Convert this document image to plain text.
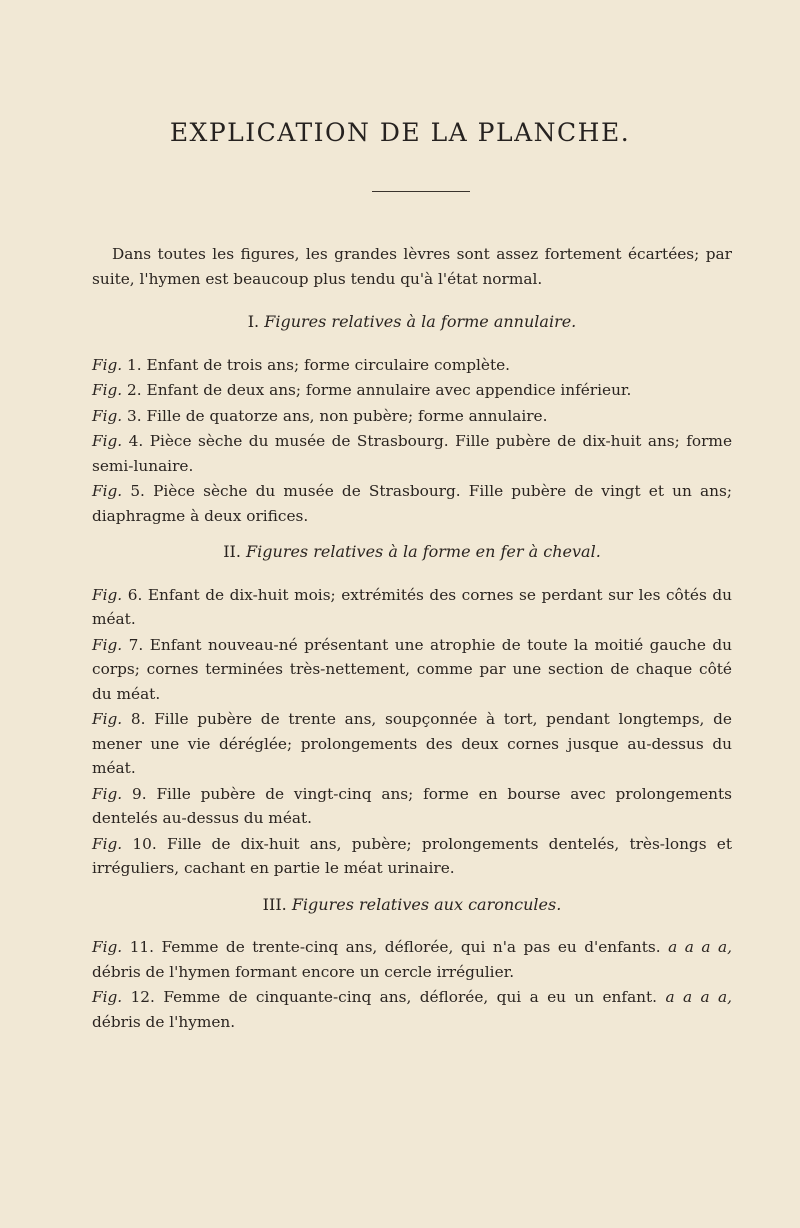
EXPLICATION DE LA PLANCHE.

Dans toutes les figures, les grandes lèvres sont assez fortement écartées; par suite, l'hymen est beaucoup plus tendu qu'à l'état normal.

I. Figures relatives à la forme annulaire.

Fig. 1. Enfant de trois ans; forme circulaire complète.

Fig. 2. Enfant de deux ans; forme annulaire avec appendice inférieur.

Fig. 3. Fille de quatorze ans, non pubère; forme annulaire.

Fig. 4. Pièce sèche du musée de Strasbourg. Fille pubère de dix-huit ans; forme semi-lunaire.

Fig. 5. Pièce sèche du musée de Strasbourg. Fille pubère de vingt et un ans; diaphragme à deux orifices.

II. Figures relatives à la forme en fer à cheval.

Fig. 6. Enfant de dix-huit mois; extrémités des cornes se perdant sur les côtés du méat.

Fig. 7. Enfant nouveau-né présentant une atrophie de toute la moitié gauche du corps; cornes terminées très-nettement, comme par une section de chaque côté du méat.

Fig. 8. Fille pubère de trente ans, soupçonnée à tort, pendant longtemps, de mener une vie déréglée; prolongements des deux cornes jusque au-dessus du méat.

Fig. 9. Fille pubère de vingt-cinq ans; forme en bourse avec prolongements dentelés au-dessus du méat.

Fig. 10. Fille de dix-huit ans, pubère; prolongements dentelés, très-longs et irréguliers, cachant en partie le méat urinaire.

III. Figures relatives aux caroncules.

Fig. 11. Femme de trente-cinq ans, déflorée, qui n'a pas eu d'enfants. a a a a, débris de l'hymen formant encore un cercle irrégulier.

Fig. 12. Femme de cinquante-cinq ans, déflorée, qui a eu un enfant. a a a a, débris de l'hymen.
